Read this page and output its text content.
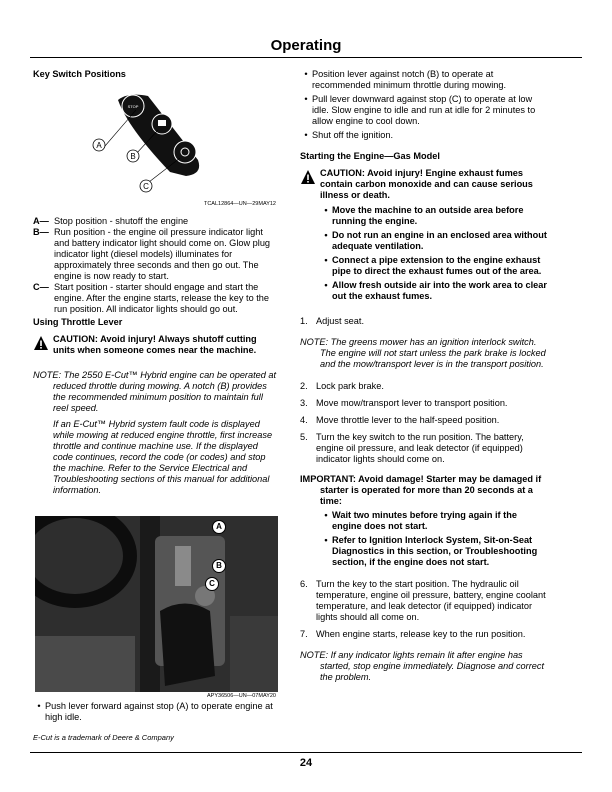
Operating

Key Switch Positions

STOP
A
B
C
TCAL12864—UN—29MAY12
A— Stop position - shutoff the engine
B— Run position - the engine oil pressure indicator light and battery indicator light should come on. Glow plug indicator light (diesel models) illuminates for approximately three seconds and then go out. The engine is now ready to start.
C— Start position - starter should engage and start the engine. After the engine starts, release the key to the run position. All indicator lights should go out.

Using Throttle Lever

CAUTION: Avoid injury! Always shutoff cutting units when someone comes near the machine.

NOTE: The 2550 E-Cut™ Hybrid engine can be operated at reduced throttle during mowing. A notch (B) provides the recommended minimum position to maintain full reel speed.

If an E-Cut™ Hybrid system fault code is displayed while mowing at reduced engine throttle, first increase throttle and continue machine use. If the displayed code continues, record the code (or codes) and stop the machine. Refer to the Service Electrical and Troubleshooting sections of this manual for additional information.

A
B
C
APY36506—UN—07MAY20
• Push lever forward against stop (A) to operate engine at high idle.

E-Cut is a trademark of Deere & Company

• Position lever against notch (B) to operate at recommended minimum throttle during mowing.
• Pull lever downward against stop (C) to operate at low idle. Slow engine to idle and run at idle for 2 minutes to allow engine to cool down.
• Shut off the ignition.

Starting the Engine—Gas Model

CAUTION: Avoid injury! Engine exhaust fumes contain carbon monoxide and can cause serious illness or death.
• Move the machine to an outside area before running the engine.
• Do not run an engine in an enclosed area without adequate ventilation.
• Connect a pipe extension to the engine exhaust pipe to direct the exhaust fumes out of the area.
• Allow fresh outside air into the work area to clear out the exhaust fumes.
1. Adjust seat.

NOTE: The greens mower has an ignition interlock switch. The engine will not start unless the park brake is locked and the mow/transport lever is in the transport position.

2. Lock park brake.
3. Move mow/transport lever to transport position.
4. Move throttle lever to the half-speed position.
5. Turn the key switch to the run position. The battery, engine oil pressure, and leak detector (if equipped) indicator lights should come on.

IMPORTANT: Avoid damage! Starter may be damaged if starter is operated for more than 20 seconds at a time:

• Wait two minutes before trying again if the engine does not start.
• Refer to Ignition Interlock System, Sit-on-Seat Diagnostics in this section, or Troubleshooting section, if the engine does not start.
6. Turn the key to the start position. The hydraulic oil temperature, engine oil pressure, battery, engine coolant temperature, and leak detector (if equipped) indicator lights should all come on.
7. When engine starts, release key to the run position.

NOTE: If any indicator lights remain lit after engine has started, stop engine immediately. Diagnose and correct the problem.

24
